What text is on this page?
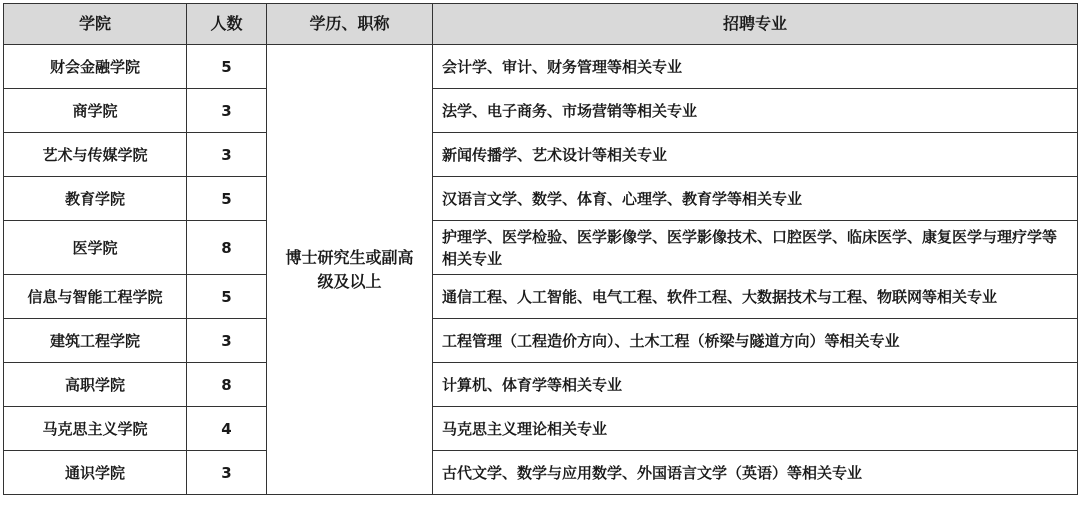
学院	人数	学历、职称	招聘专业
财会金融学院	5	博士研究生或副高级及以上	会计学、审计、财务管理等相关专业
商学院	3		法学、电子商务、市场营销等相关专业
艺术与传媒学院	3		新闻传播学、艺术设计等相关专业
教育学院	5		汉语言文学、数学、体育、心理学、教育学等相关专业
医学院	8		护理学、医学检验、医学影像学、医学影像技术、口腔医学、临床医学、康复医学与理疗学等相关专业
信息与智能工程学院	5		通信工程、人工智能、电气工程、软件工程、大数据技术与工程、物联网等相关专业
建筑工程学院	3		工程管理（工程造价方向）、土木工程（桥梁与隧道方向）等相关专业
高职学院	8		计算机、体育学等相关专业
马克思主义学院	4		马克思主义理论相关专业
通识学院	3		古代文学、数学与应用数学、外国语言文学（英语）等相关专业
